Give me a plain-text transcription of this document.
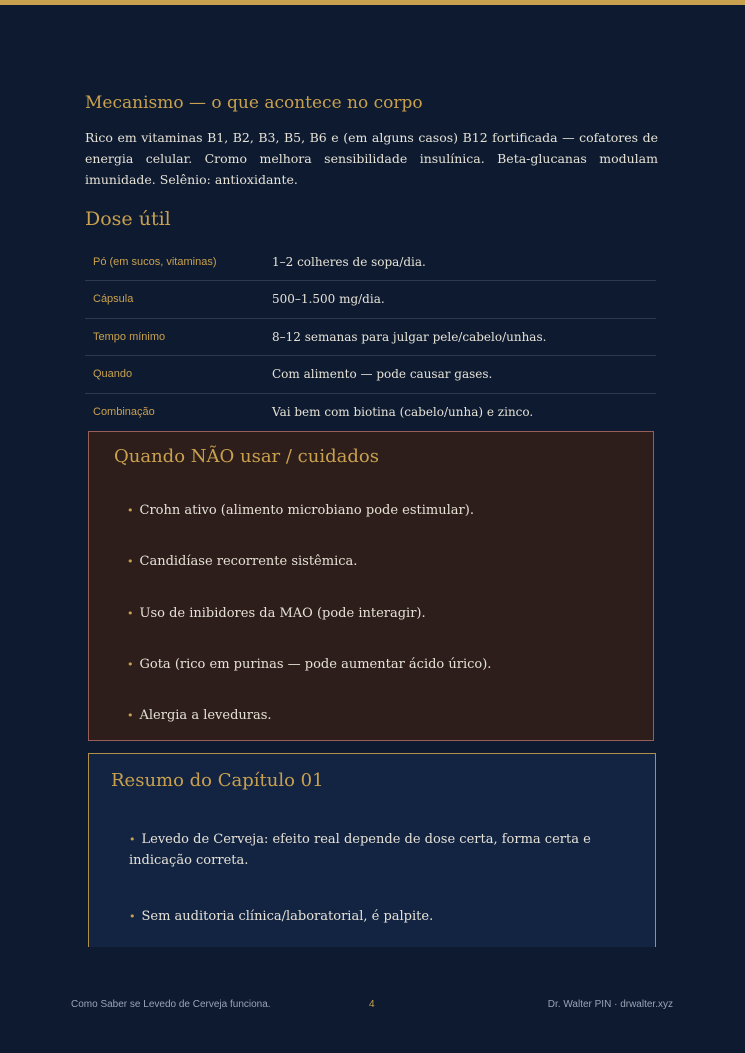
Mecanismo — o que acontece no corpo

Rico em vitaminas B1, B2, B3, B5, B6 e (em alguns casos) B12 fortificada — cofatores de energia celular. Cromo melhora sensibilidade insulínica. Beta-glucanas modulam imunidade. Selênio: antioxidante.

Dose útil
Pó (em sucos, vitaminas)	1–2 colheres de sopa/dia.
Cápsula	500–1.500 mg/dia.
Tempo mínimo	8–12 semanas para julgar pele/cabelo/unhas.
Quando	Com alimento — pode causar gases.
Combinação	Vai bem com biotina (cabelo/unha) e zinco.
Quando NÃO usar / cuidados
• Crohn ativo (alimento microbiano pode estimular).
• Candidíase recorrente sistêmica.
• Uso de inibidores da MAO (pode interagir).
• Gota (rico em purinas — pode aumentar ácido úrico).
• Alergia a leveduras.
Resumo do Capítulo 01
• Levedo de Cerveja: efeito real depende de dose certa, forma certa e indicação correta.
• Sem auditoria clínica/laboratorial, é palpite.
Como Saber se Levedo de Cerveja funciona.	4	Dr. Walter PIN · drwalter.xyz
